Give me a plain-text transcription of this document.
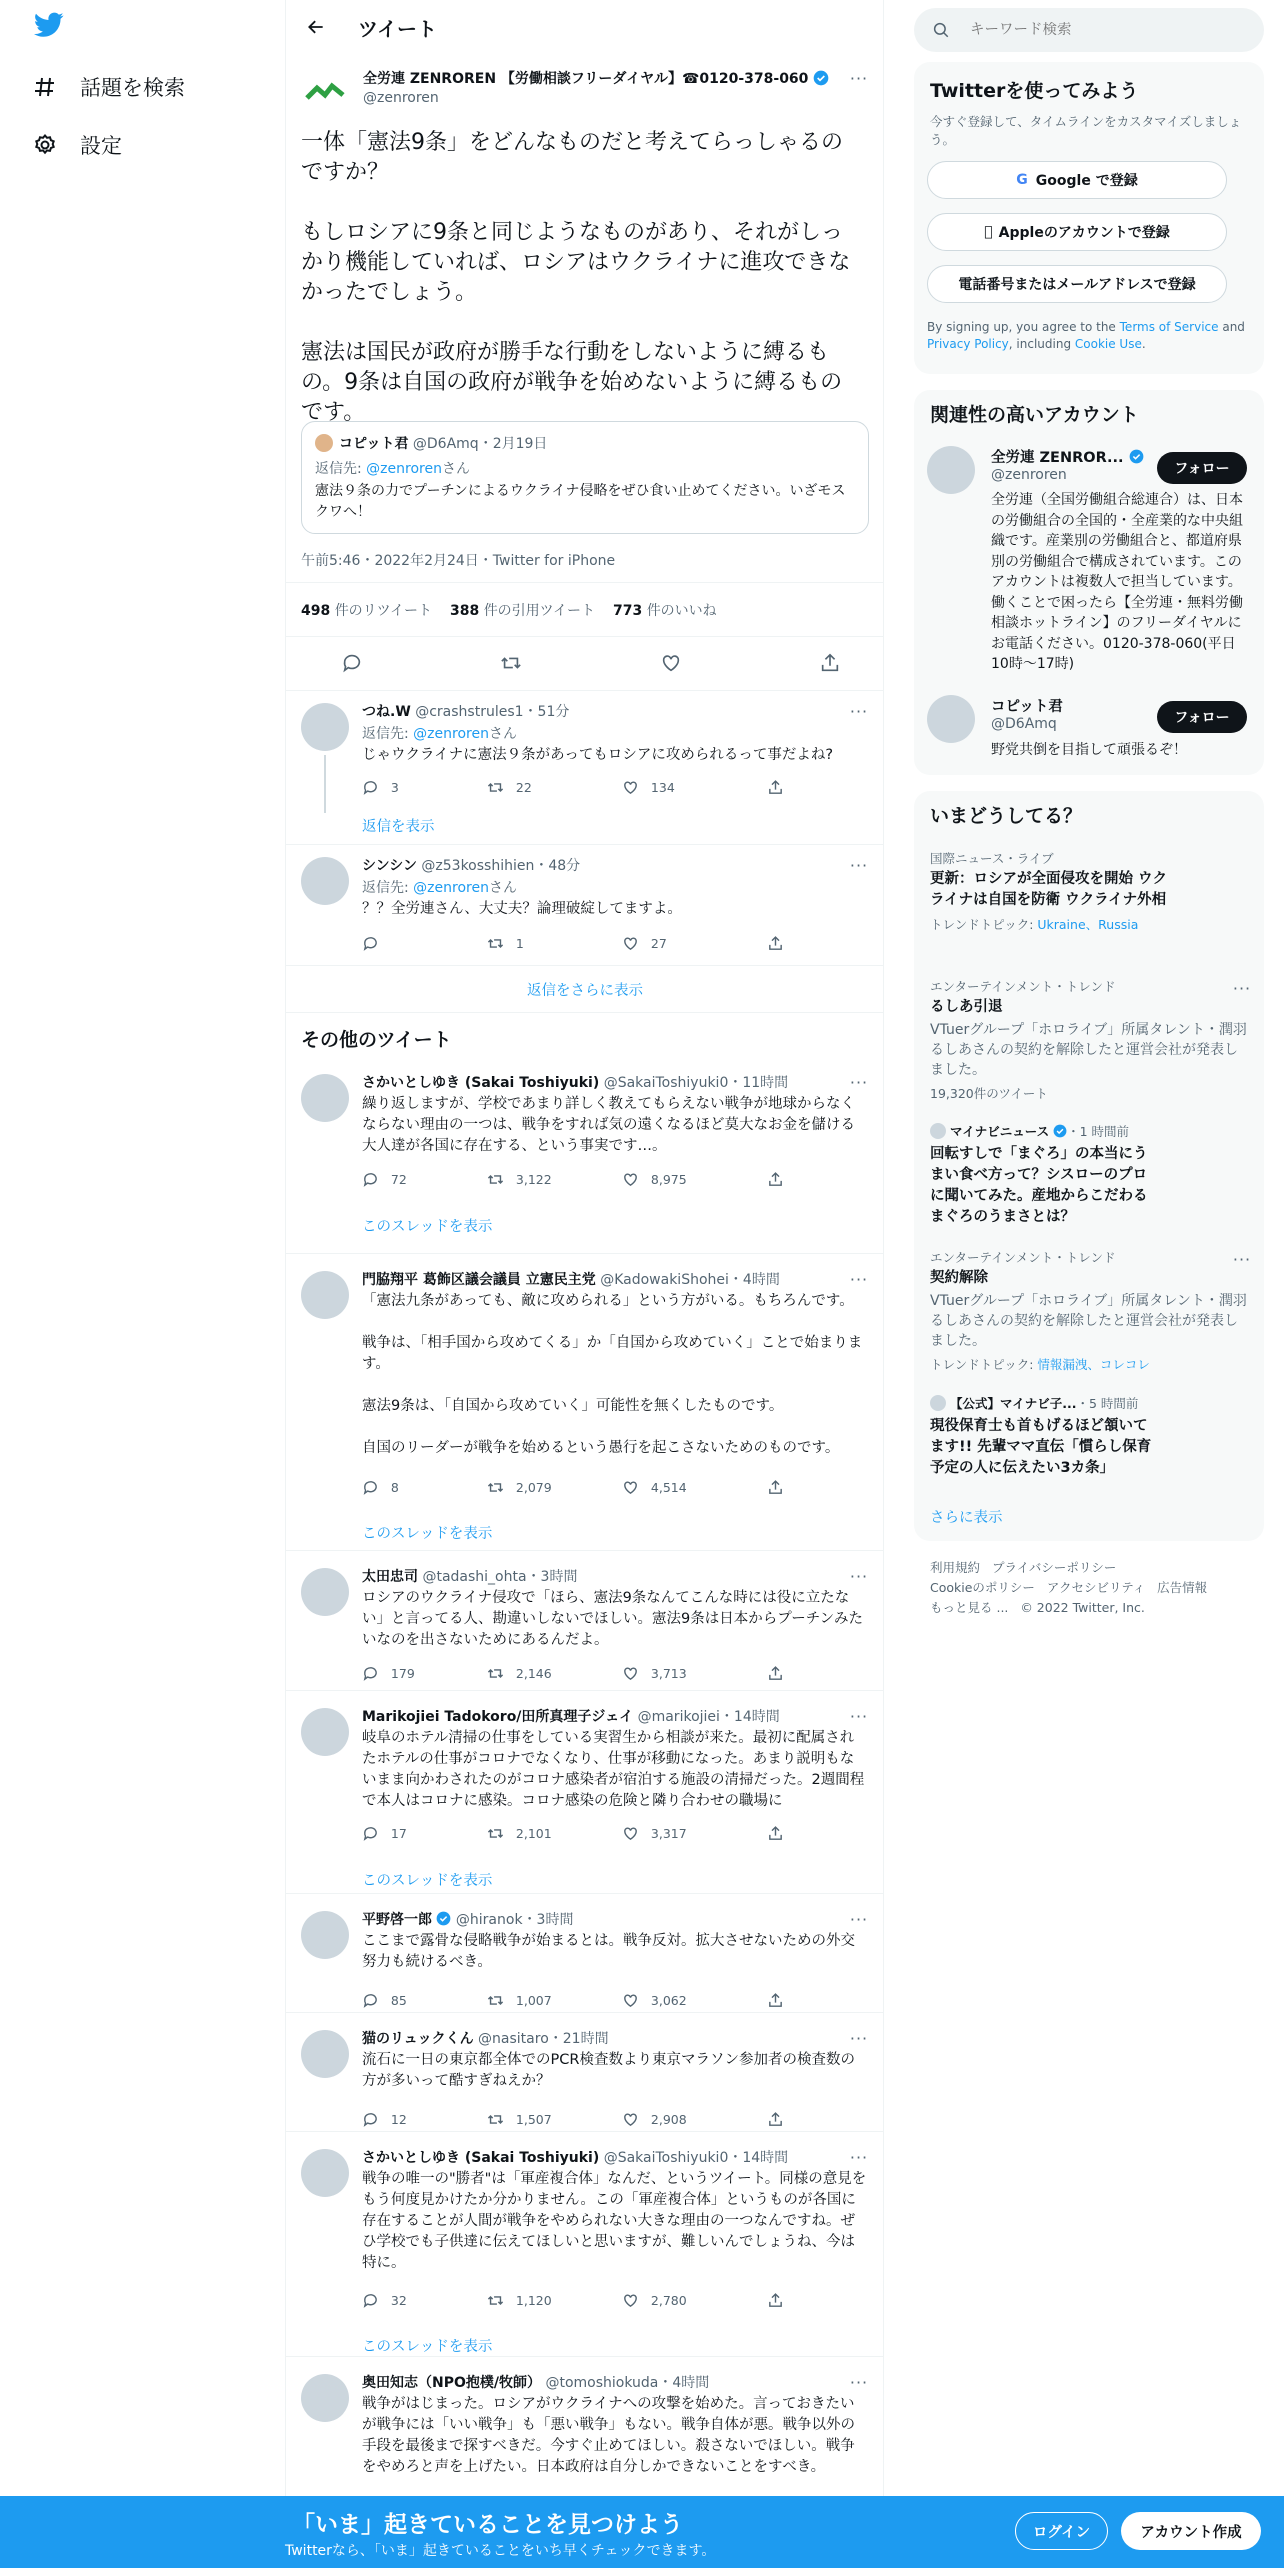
話題を検索
設定
ツイート
全労連 ZENROREN 【労働相談フリーダイヤル】☎0120-378-060
@zenroren
···
一体「憲法9条」をどんなものだと考えてらっしゃるのですか？
もしロシアに9条と同じようなものがあり、それがしっかり機能していれば、ロシアはウクライナに進攻できなかったでしょう。
憲法は国民が政府が勝手な行動をしないように縛るもの。9条は自国の政府が戦争を始めないように縛るものです。
コピット君 @D6Amq・2月19日
返信先: @zenrorenさん
憲法９条の力でプーチンによるウクライナ侵略をぜひ食い止めてください。いざモスクワへ！
午前5:46・2022年2月24日・Twitter for iPhone
498 件のリツイート 388 件の引用ツイート 773 件のいいね
つね.W @crashstrules1・51分	···
返信先: @zenrorenさん
じゃウクライナに憲法９条があってもロシアに攻められるって事だよね?

3
	22
	134
返信を表示
シンシン @z53kosshihien・48分	···
返信先: @zenrorenさん
？？全労連さん、大丈夫？論理破綻してますよ。

1
	27
返信をさらに表示
その他のツイート
さかいとしゆき (Sakai Toshiyuki) @SakaiToshiyuki0・11時間	···
繰り返しますが、学校であまり詳しく教えてもらえない戦争が地球からなくならない理由の一つは、戦争をすれば気の遠くなるほど莫大なお金を儲ける大人達が各国に存在する、という事実です…。
門脇翔平 葛飾区議会議員 立憲民主党 @KadowakiShohei・4時間	···
「憲法九条があっても、敵に攻められる」という方がいる。もちろんです。

戦争は、「相手国から攻めてくる」か「自国から攻めていく」ことで始まります。

憲法9条は、「自国から攻めていく」可能性を無くしたものです。

自国のリーダーが戦争を始めるという愚行を起こさないためのものです。
太田忠司 @tadashi_ohta・3時間	···
ロシアのウクライナ侵攻で「ほら、憲法9条なんてこんな時には役に立たない」と言ってる人、勘違いしないでほしい。憲法9条は日本からプーチンみたいなのを出さないためにあるんだよ。
Marikojiei Tadokoro/田所真理子ジェイ @marikojiei・14時間	···
岐阜のホテル清掃の仕事をしている実習生から相談が来た。最初に配属されたホテルの仕事がコロナでなくなり、仕事が移動になった。あまり説明もないまま向かわされたのがコロナ感染者が宿泊する施設の清掃だった。2週間程で本人はコロナに感染。コロナ感染の危険と隣り合わせの職場に
平野啓一郎 @hiranok・3時間	···
ここまで露骨な侵略戦争が始まるとは。戦争反対。拡大させないための外交努力も続けるべき。
猫のリュックくん @nasitaro・21時間	···
流石に一日の東京都全体でのPCR検査数より東京マラソン参加者の検査数の方が多いって酷すぎねえか？
さかいとしゆき (Sakai Toshiyuki) @SakaiToshiyuki0・14時間	···
戦争の唯一の"勝者"は「軍産複合体」なんだ、というツイート。同様の意見をもう何度見かけたか分かりません。この「軍産複合体」というものが各国に存在することが人間が戦争をやめられない大きな理由の一つなんですね。ぜひ学校でも子供達に伝えてほしいと思いますが、難しいんでしょうね、今は特に。
奥田知志（NPO抱樸/牧師） @tomoshiokuda・4時間	···
戦争がはじまった。ロシアがウクライナへの攻撃を始めた。言っておきたいが戦争には「いい戦争」も「悪い戦争」もない。戦争自体が悪。戦争以外の手段を最後まで探すべきだ。今すぐ止めてほしい。殺さないでほしい。戦争をやめろと声を上げたい。日本政府は自分しかできないことをすべき。

72
	3,122
	8,975
このスレッドを表示

8
	2,079
	4,514
このスレッドを表示

179
	2,146
	3,713

17
	2,101
	3,317
このスレッドを表示

85
	1,007
	3,062

12
	1,507
	2,908

32
	1,120
	2,780
このスレッドを表示
キーワード検索
Twitterを使ってみよう
今すぐ登録して、タイムラインをカスタマイズしましょう。
G Google で登録
Appleのアカウントで登録
電話番号またはメールアドレスで登録
By signing up, you agree to the Terms of Service and Privacy Policy, including Cookie Use.
関連性の高いアカウント
全労連 ZENROR...
@zenroren	フォロー
全労連（全国労働組合総連合）は、日本の労働組合の全国的・全産業的な中央組織です。産業別の労働組合と、都道府県別の労働組合で構成されています。このアカウントは複数人で担当しています。働くことで困ったら【全労連・無料労働相談ホットライン】のフリーダイヤルにお電話ください。0120-378-060(平日10時〜17時)
コピット君
@D6Amq	フォロー
野党共倒を目指して頑張るぞ！
いまどうしてる？
国際ニュース・ライブ
更新：ロシアが全面侵攻を開始 ウクライナは自国を防衛 ウクライナ外相
トレンドトピック: Ukraine、Russia
エンターテインメント・トレンド
るしあ引退
VTuerグループ「ホロライブ」所属タレント・潤羽るしあさんの契約を解除したと運営会社が発表しました。
19,320件のツイート
···
マイナビニュース
・1 時間前
回転すしで「まぐろ」の本当にうまい食べ方って？シスローのプロに聞いてみた。産地からこだわるまぐろのうまさとは？
エンターテインメント・トレンド
契約解除
VTuerグループ「ホロライブ」所属タレント・潤羽るしあさんの契約を解除したと運営会社が発表しました。
トレンドトピック: 情報漏洩、コレコレ
···
【公式】マイナビ子... ・5 時間前
現役保育士も首もげるほど頷いてます!! 先輩ママ直伝「慣らし保育予定の人に伝えたい3カ条」
さらに表示
利用規約 プライバシーポリシー
Cookieのポリシー アクセシビリティ 広告情報
もっと見る ... © 2022 Twitter, Inc.
「いま」起きていることを見つけよう
Twitterなら、「いま」起きていることをいち早くチェックできます。
ログイン	アカウント作成
